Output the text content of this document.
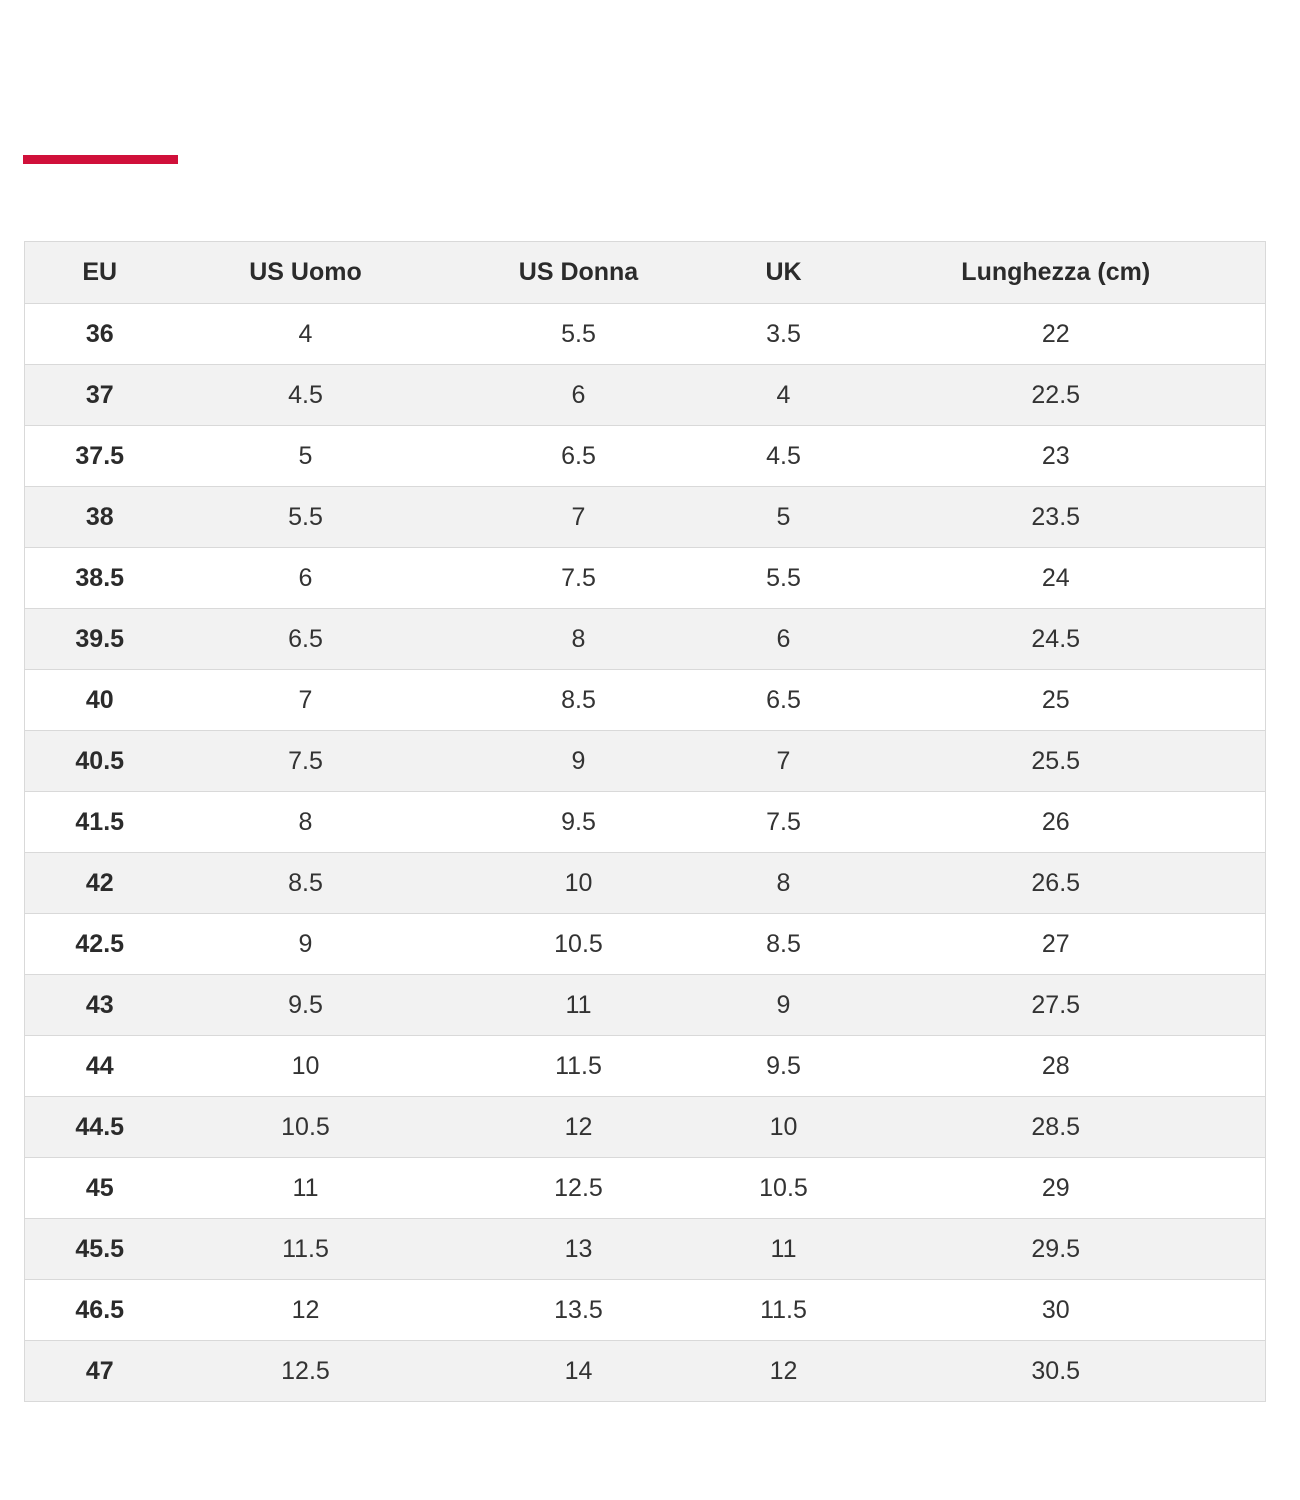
EU	US Uomo	US Donna	UK	Lunghezza (cm)
36	4	5.5	3.5	22
37	4.5	6	4	22.5
37.5	5	6.5	4.5	23
38	5.5	7	5	23.5
38.5	6	7.5	5.5	24
39.5	6.5	8	6	24.5
40	7	8.5	6.5	25
40.5	7.5	9	7	25.5
41.5	8	9.5	7.5	26
42	8.5	10	8	26.5
42.5	9	10.5	8.5	27
43	9.5	11	9	27.5
44	10	11.5	9.5	28
44.5	10.5	12	10	28.5
45	11	12.5	10.5	29
45.5	11.5	13	11	29.5
46.5	12	13.5	11.5	30
47	12.5	14	12	30.5
